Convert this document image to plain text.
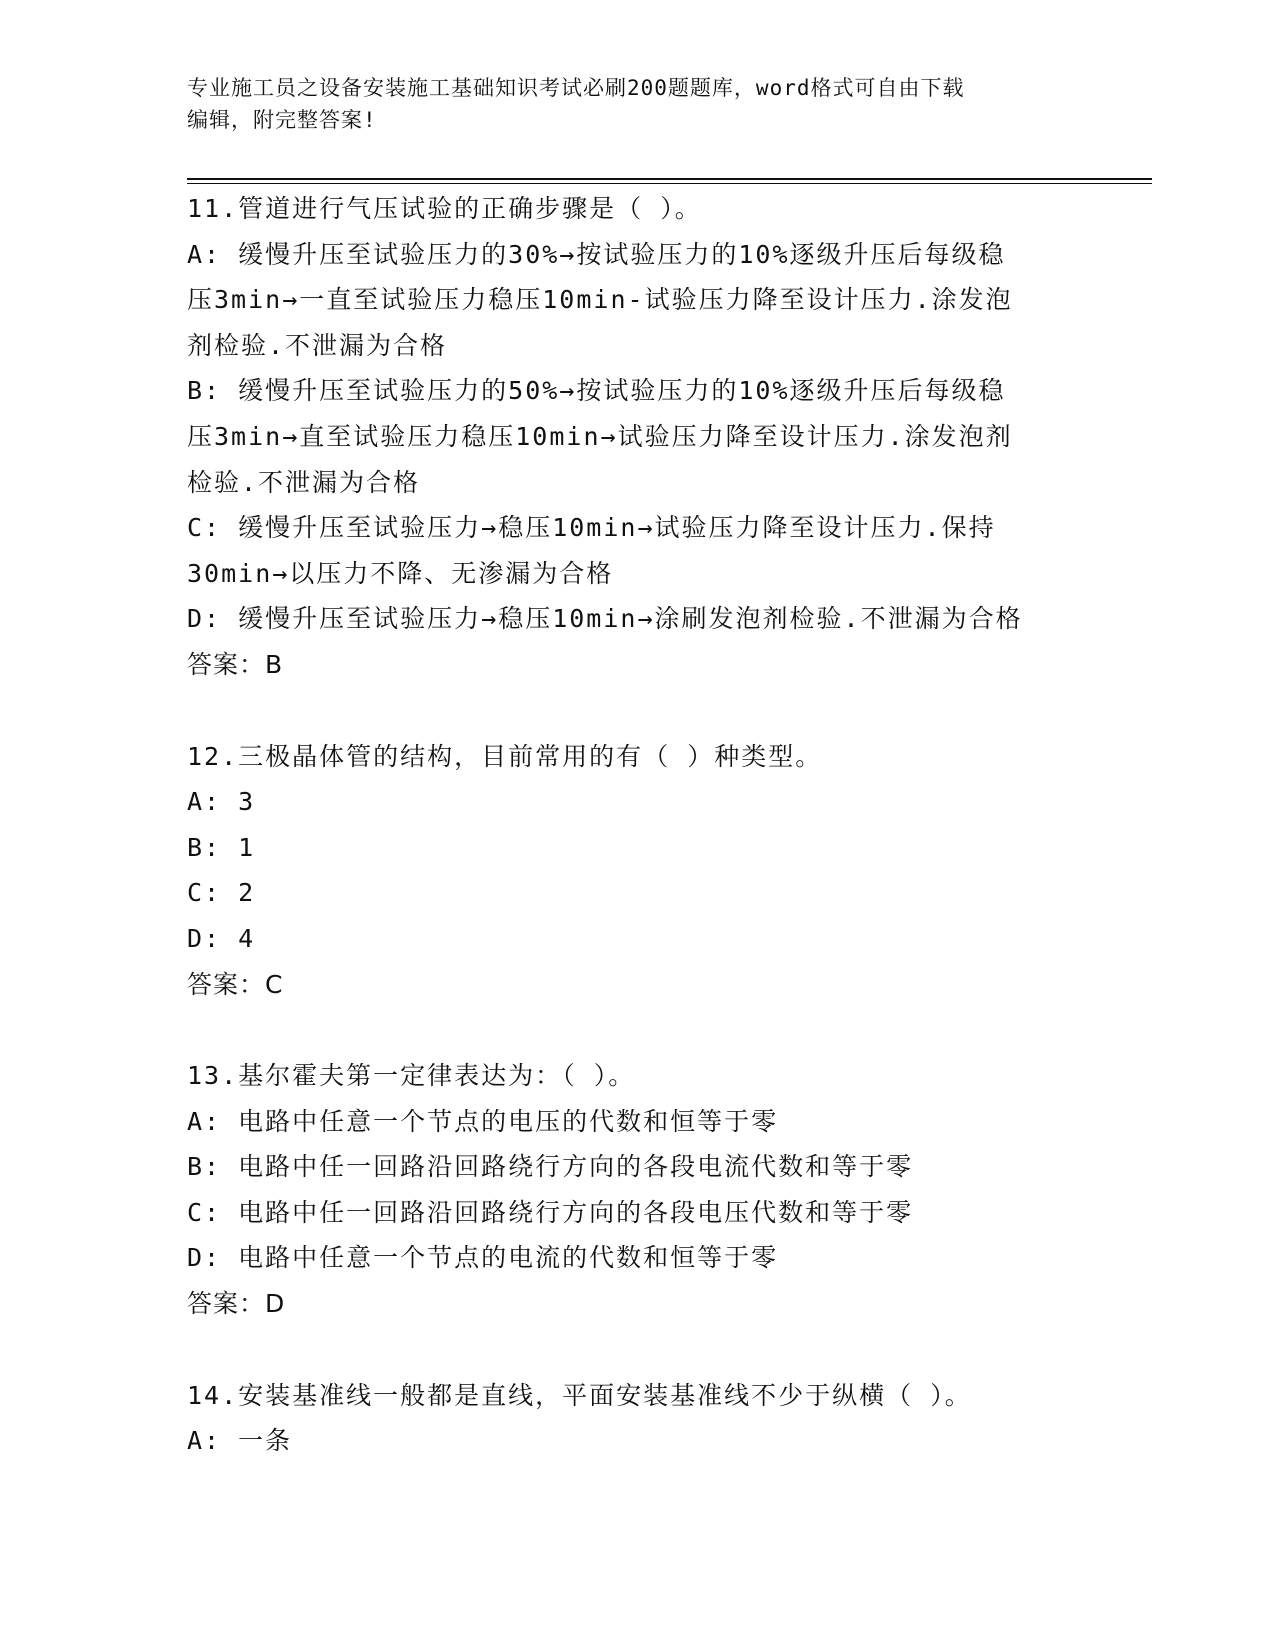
专业施工员之设备安装施工基础知识考试必刷200题题库，word格式可自由下载
编辑，附完整答案!
11.管道进行气压试验的正确步骤是（ ）。
A: 缓慢升压至试验压力的30%→按试验压力的10%逐级升压后每级稳
压3min→一直至试验压力稳压10min-试验压力降至设计压力.涂发泡
剂检验.不泄漏为合格
B: 缓慢升压至试验压力的50%→按试验压力的10%逐级升压后每级稳
压3min→直至试验压力稳压10min→试验压力降至设计压力.涂发泡剂
检验.不泄漏为合格
C: 缓慢升压至试验压力→稳压10min→试验压力降至设计压力.保持
30min→以压力不降、无渗漏为合格
D: 缓慢升压至试验压力→稳压10min→涂刷发泡剂检验.不泄漏为合格
答案：B
12.三极晶体管的结构，目前常用的有（ ）种类型。
A: 3
B: 1
C: 2
D: 4
答案：C
13.基尔霍夫第一定律表达为：（ ）。
A: 电路中任意一个节点的电压的代数和恒等于零
B: 电路中任一回路沿回路绕行方向的各段电流代数和等于零
C: 电路中任一回路沿回路绕行方向的各段电压代数和等于零
D: 电路中任意一个节点的电流的代数和恒等于零
答案：D
14.安装基准线一般都是直线，平面安装基准线不少于纵横（ ）。
A: 一条
